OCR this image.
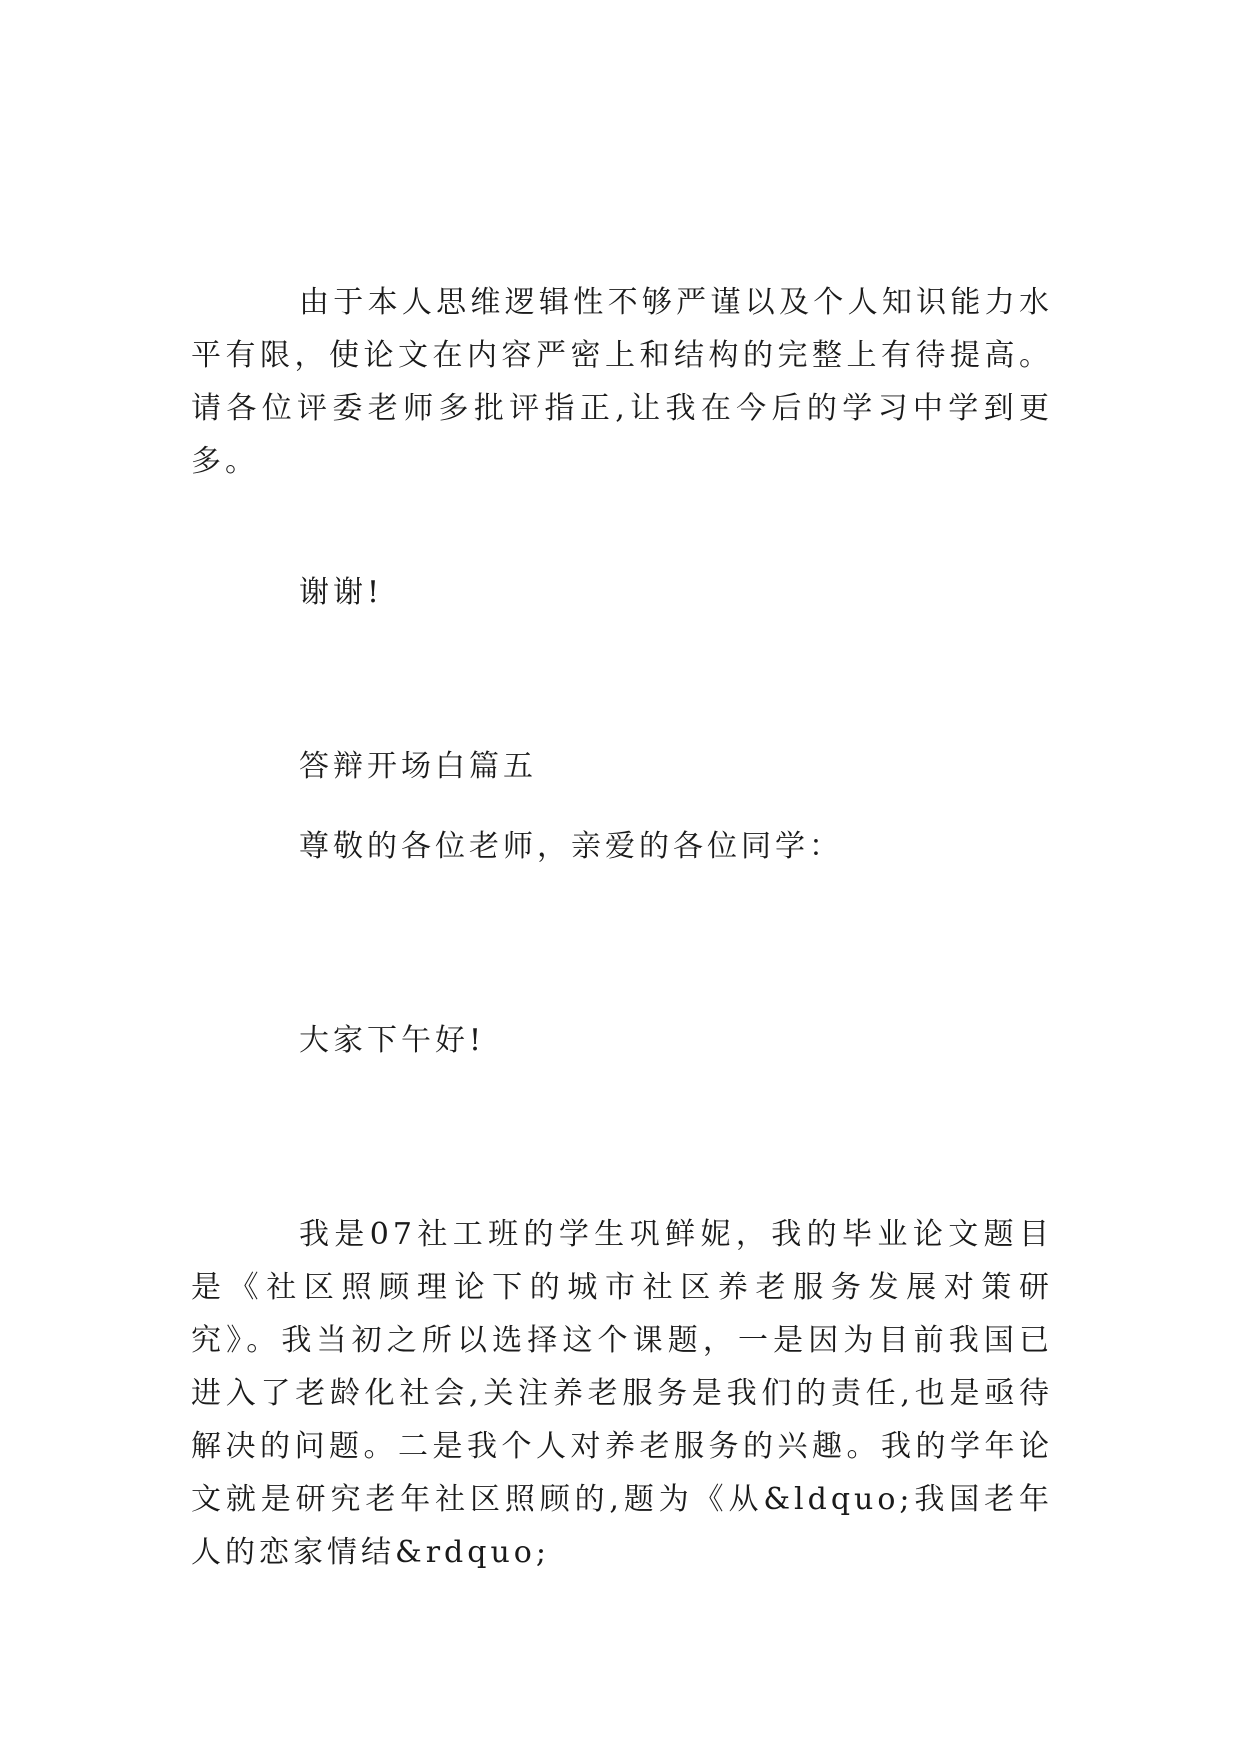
由于本人思维逻辑性不够严谨以及个人知识能力水平有限，使论文在内容严密上和结构的完整上有待提高。请各位评委老师多批评指正,让我在今后的学习中学到更多。

谢谢!

答辩开场白篇五

尊敬的各位老师，亲爱的各位同学：

大家下午好!

我是07社工班的学生巩鲜妮，我的毕业论文题目是《社区照顾理论下的城市社区养老服务发展对策研究》。我当初之所以选择这个课题，一是因为目前我国已进入了老龄化社会,关注养老服务是我们的责任,也是亟待解决的问题。二是我个人对养老服务的兴趣。我的学年论文就是研究老年社区照顾的,题为《从&ldquo;我国老年人的恋家情结&rdquo;
